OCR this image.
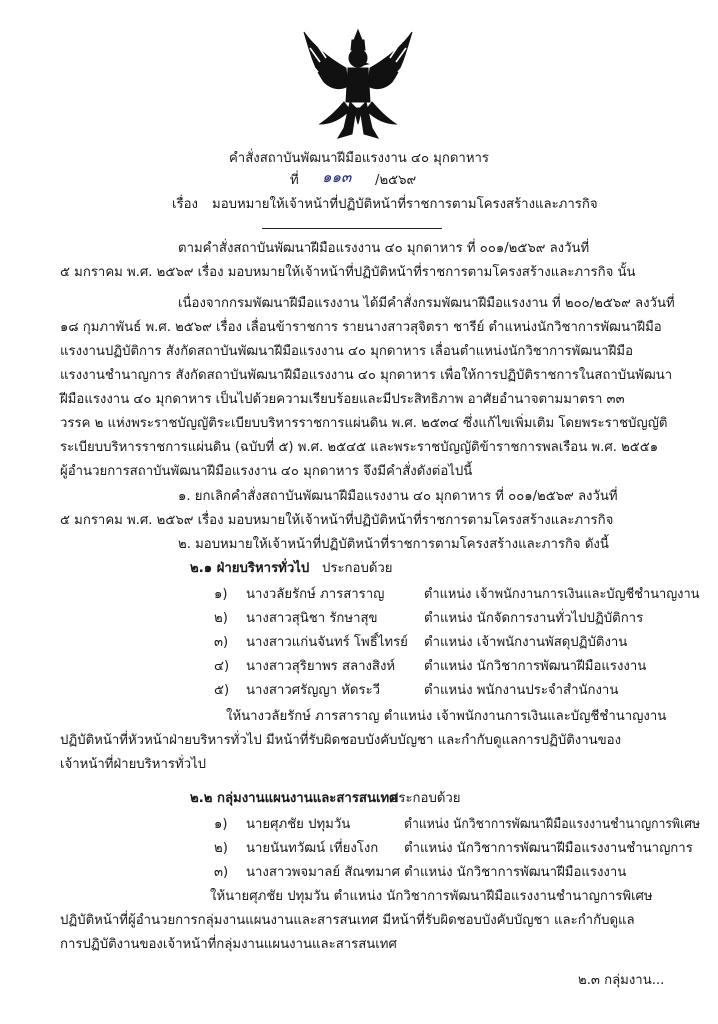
คำสั่งสถาบันพัฒนาฝีมือแรงงาน ๔๐ มุกดาหาร
ที่ ๑๑๓ /๒๕๖๙
เรื่อง มอบหมายให้เจ้าหน้าที่ปฏิบัติหน้าที่ราชการตามโครงสร้างและภารกิจ
ตามคำสั่งสถาบันพัฒนาฝีมือแรงงาน ๔๐ มุกดาหาร ที่ ๐๐๑/๒๕๖๙ ลงวันที่
๕ มกราคม พ.ศ. ๒๕๖๙ เรื่อง มอบหมายให้เจ้าหน้าที่ปฏิบัติหน้าที่ราชการตามโครงสร้างและภารกิจ นั้น
เนื่องจากกรมพัฒนาฝีมือแรงงาน ได้มีคำสั่งกรมพัฒนาฝีมือแรงงาน ที่ ๒๐๐/๒๕๖๙ ลงวันที่
๑๘ กุมภาพันธ์ พ.ศ. ๒๕๖๙ เรื่อง เลื่อนข้าราชการ รายนางสาวสุจิตรา ชารีย์ ตำแหน่งนักวิชาการพัฒนาฝีมือ
แรงงานปฏิบัติการ สังกัดสถาบันพัฒนาฝีมือแรงงาน ๔๐ มุกดาหาร เลื่อนตำแหน่งนักวิชาการพัฒนาฝีมือ
แรงงานชำนาญการ สังกัดสถาบันพัฒนาฝีมือแรงงาน ๔๐ มุกดาหาร เพื่อให้การปฏิบัติราชการในสถาบันพัฒนา
ฝีมือแรงงาน ๔๐ มุกดาหาร เป็นไปด้วยความเรียบร้อยและมีประสิทธิภาพ อาศัยอำนาจตามมาตรา ๓๓
วรรค ๒ แห่งพระราชบัญญัติระเบียบบริหารราชการแผ่นดิน พ.ศ. ๒๕๓๔ ซึ่งแก้ไขเพิ่มเติม โดยพระราชบัญญัติ
ระเบียบบริหารราชการแผ่นดิน (ฉบับที่ ๕) พ.ศ. ๒๕๔๕ และพระราชบัญญัติข้าราชการพลเรือน พ.ศ. ๒๕๕๑
ผู้อำนวยการสถาบันพัฒนาฝีมือแรงงาน ๔๐ มุกดาหาร จึงมีคำสั่งดังต่อไปนี้
๑. ยกเลิกคำสั่งสถาบันพัฒนาฝีมือแรงงาน ๔๐ มุกดาหาร ที่ ๐๐๑/๒๕๖๙ ลงวันที่
๕ มกราคม พ.ศ. ๒๕๖๙ เรื่อง มอบหมายให้เจ้าหน้าที่ปฏิบัติหน้าที่ราชการตามโครงสร้างและภารกิจ
๒. มอบหมายให้เจ้าหน้าที่ปฏิบัติหน้าที่ราชการตามโครงสร้างและภารกิจ ดังนี้
๒.๑ ฝ่ายบริหารทั่วไป ประกอบด้วย
๑) นางวลัยรักษ์ ภารสาราญ	ตำแหน่ง เจ้าพนักงานการเงินและบัญชีชำนาญงาน
๒) นางสาวสุนิชา รักษาสุข	ตำแหน่ง นักจัดการงานทั่วไปปฏิบัติการ
๓) นางสาวแก่นจันทร์ โพธิ์ไทรย์ ตำแหน่ง เจ้าพนักงานพัสดุปฏิบัติงาน
๔) นางสาวสุริยาพร สลางสิงห์ ตำแหน่ง นักวิชาการพัฒนาฝีมือแรงงาน
๕) นางสาวศรัญญา หัดระวี	ตำแหน่ง พนักงานประจำสำนักงาน
ให้นางวลัยรักษ์ ภารสาราญ ตำแหน่ง เจ้าพนักงานการเงินและบัญชีชำนาญงาน
ปฏิบัติหน้าที่หัวหน้าฝ่ายบริหารทั่วไป มีหน้าที่รับผิดชอบบังคับบัญชา และกำกับดูแลการปฏิบัติงานของ
เจ้าหน้าที่ฝ่ายบริหารทั่วไป
๒.๒ กลุ่มงานแผนงานและสารสนเทศ
ประกอบด้วย
๑) นายศุภชัย ปทุมวัน	ตำแหน่ง นักวิชาการพัฒนาฝีมือแรงงานชำนาญการพิเศษ
๒) นายนันทวัฒน์ เที่ยงโงก ตำแหน่ง นักวิชาการพัฒนาฝีมือแรงงานชำนาญการ
๓) นางสาวพจมาลย์ สัณฑมาศ ตำแหน่ง นักวิชาการพัฒนาฝีมือแรงงาน
ให้นายศุภชัย ปทุมวัน ตำแหน่ง นักวิชาการพัฒนาฝีมือแรงงานชำนาญการพิเศษ
ปฏิบัติหน้าที่ผู้อำนวยการกลุ่มงานแผนงานและสารสนเทศ มีหน้าที่รับผิดชอบบังคับบัญชา และกำกับดูแล
การปฏิบัติงานของเจ้าหน้าที่กลุ่มงานแผนงานและสารสนเทศ
๒.๓ กลุ่มงาน...
